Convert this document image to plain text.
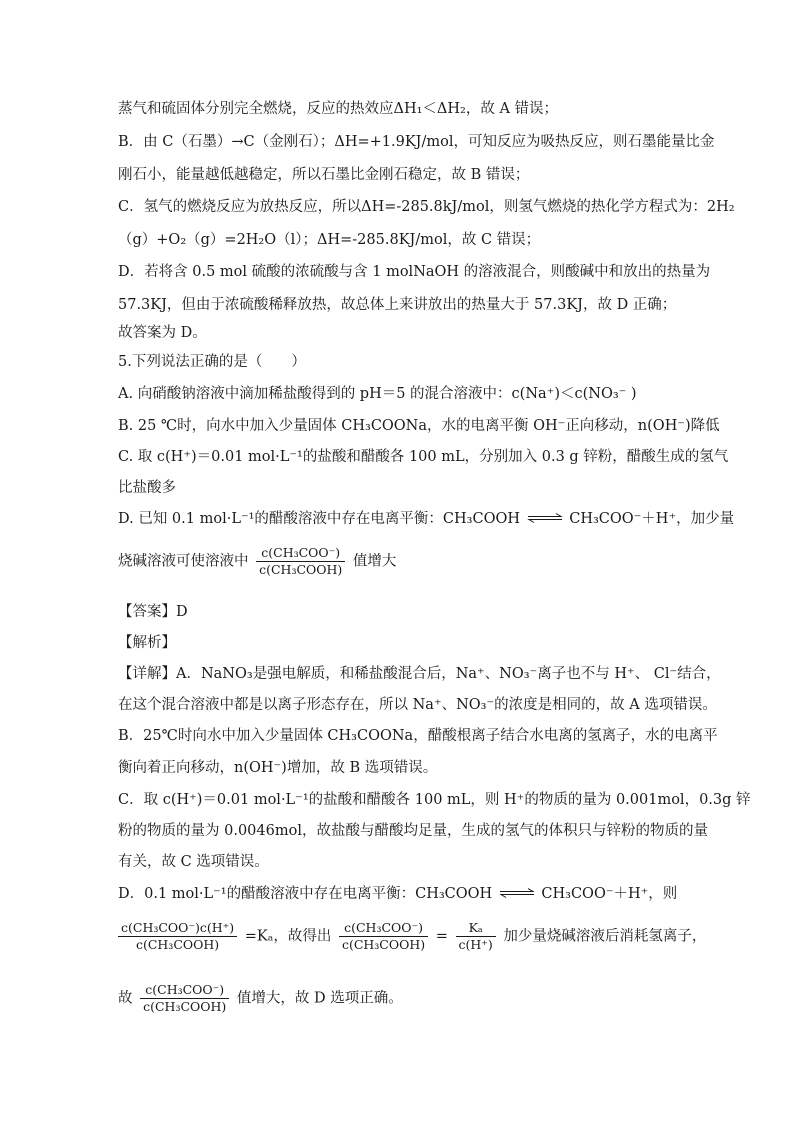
蒸气和硫固体分别完全燃烧，反应的热效应ΔH₁＜ΔH₂，故 A 错误；
B．由 C（石墨）→C（金刚石）；ΔH=+1.9KJ/mol，可知反应为吸热反应，则石墨能量比金
刚石小，能量越低越稳定，所以石墨比金刚石稳定，故 B 错误；
C．氢气的燃烧反应为放热反应，所以ΔH=-285.8kJ/mol，则氢气燃烧的热化学方程式为：2H₂
（g）+O₂（g）=2H₂O（l）；ΔH=-285.8KJ/mol，故 C 错误；
D．若将含 0.5 mol 硫酸的浓硫酸与含 1 molNaOH 的溶液混合，则酸碱中和放出的热量为
57.3KJ，但由于浓硫酸稀释放热，故总体上来讲放出的热量大于 57.3KJ，故 D 正确；
故答案为 D。
5.下列说法正确的是（　　）
A. 向硝酸钠溶液中滴加稀盐酸得到的 pH＝5 的混合溶液中：c(Na⁺)＜c(NO₃⁻ )
B. 25 ℃时，向水中加入少量固体 CH₃COONa，水的电离平衡 OH⁻正向移动，n(OH⁻)降低
C. 取 c(H⁺)＝0.01 mol·L⁻¹的盐酸和醋酸各 100 mL，分别加入 0.3 g 锌粉，醋酸生成的氢气
比盐酸多
D. 已知 0.1 mol·L⁻¹的醋酸溶液中存在电离平衡：CH₃COOH ⇌ CH₃COO⁻＋H⁺，加少量
烧碱溶液可使溶液中 $\frac{\text{c(CH₃COO⁻)}}{\text{c(CH₃COOH)}}$ 值增大
【答案】D
【解析】
【详解】A．NaNO₃是强电解质，和稀盐酸混合后，Na⁺、NO₃⁻离子也不与 H⁺、 Cl⁻结合，
在这个混合溶液中都是以离子形态存在，所以 Na⁺、NO₃⁻的浓度是相同的，故 A 选项错误。
B．25℃时向水中加入少量固体 CH₃COONa，醋酸根离子结合水电离的氢离子，水的电离平
衡向着正向移动，n(OH⁻)增加，故 B 选项错误。
C．取 c(H⁺)＝0.01 mol·L⁻¹的盐酸和醋酸各 100 mL，则 H⁺的物质的量为 0.001mol，0.3g 锌
粉的物质的量为 0.0046mol，故盐酸与醋酸均足量，生成的氢气的体积只与锌粉的物质的量
有关，故 C 选项错误。
D．0.1 mol·L⁻¹的醋酸溶液中存在电离平衡：CH₃COOH ⇌ CH₃COO⁻＋H⁺，则
$\frac{\text{c(CH₃COO⁻)c(H⁺)}}{\text{c(CH₃COOH)}} =K_a$，故得出 $\frac{\text{c(CH₃COO⁻)}}{\text{c(CH₃COOH)}} = \frac{\text{Kₐ}}{c(H^+)}$ 加少量烧碱溶液后消耗氢离子，
故 $\frac{\text{c(CH₃COO⁻)}}{\text{c(CH₃COOH)}}$ 值增大，故 D 选项正确。
